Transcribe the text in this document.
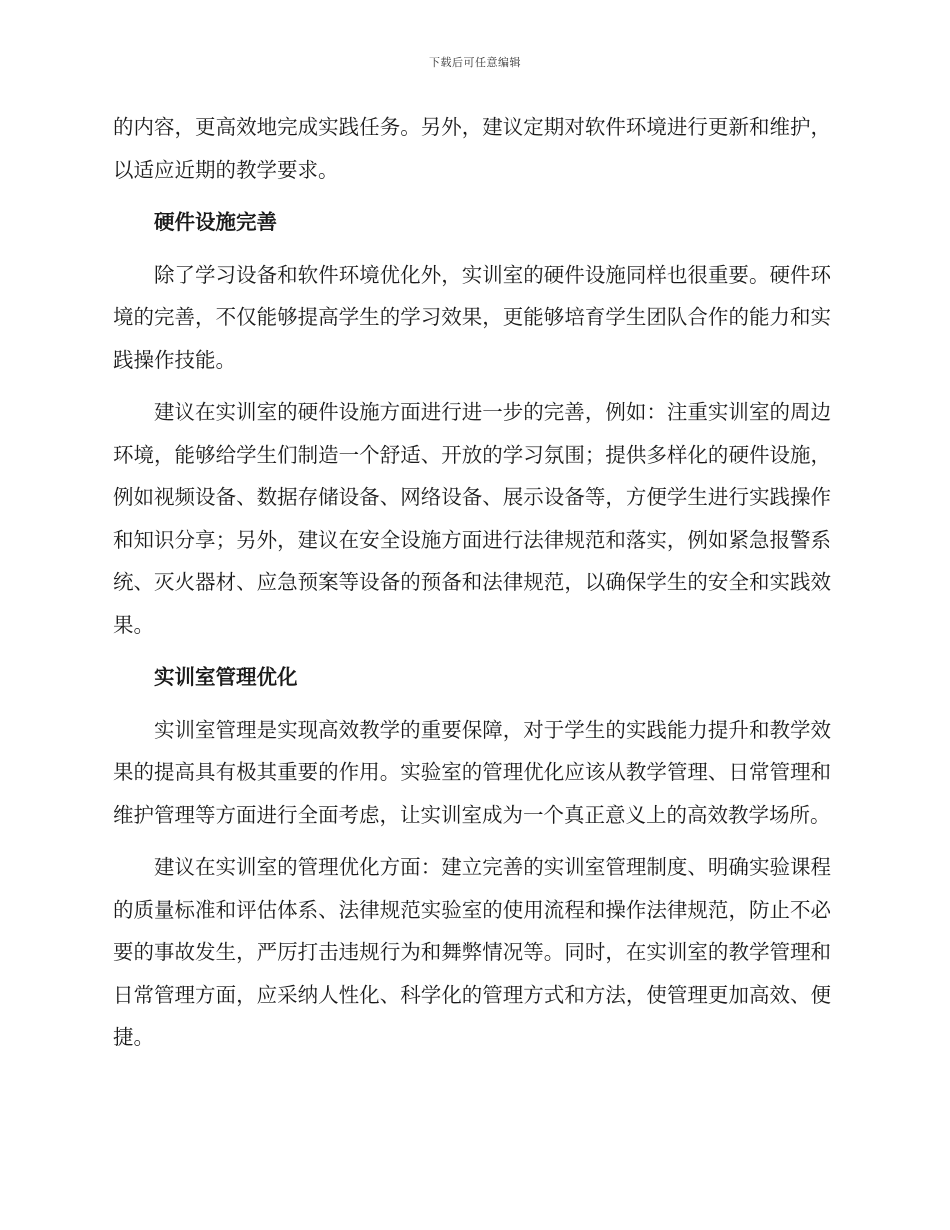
下载后可任意编辑

的内容，更高效地完成实践任务。另外，建议定期对软件环境进行更新和维护，以适应近期的教学要求。

硬件设施完善

除了学习设备和软件环境优化外，实训室的硬件设施同样也很重要。硬件环境的完善，不仅能够提高学生的学习效果，更能够培育学生团队合作的能力和实践操作技能。

建议在实训室的硬件设施方面进行进一步的完善，例如：注重实训室的周边环境，能够给学生们制造一个舒适、开放的学习氛围；提供多样化的硬件设施，例如视频设备、数据存储设备、网络设备、展示设备等，方便学生进行实践操作和知识分享；另外，建议在安全设施方面进行法律规范和落实，例如紧急报警系统、灭火器材、应急预案等设备的预备和法律规范，以确保学生的安全和实践效果。

实训室管理优化

实训室管理是实现高效教学的重要保障，对于学生的实践能力提升和教学效果的提高具有极其重要的作用。实验室的管理优化应该从教学管理、日常管理和维护管理等方面进行全面考虑，让实训室成为一个真正意义上的高效教学场所。

建议在实训室的管理优化方面：建立完善的实训室管理制度、明确实验课程的质量标准和评估体系、法律规范实验室的使用流程和操作法律规范，防止不必要的事故发生，严厉打击违规行为和舞弊情况等。同时，在实训室的教学管理和日常管理方面，应采纳人性化、科学化的管理方式和方法，使管理更加高效、便捷。
